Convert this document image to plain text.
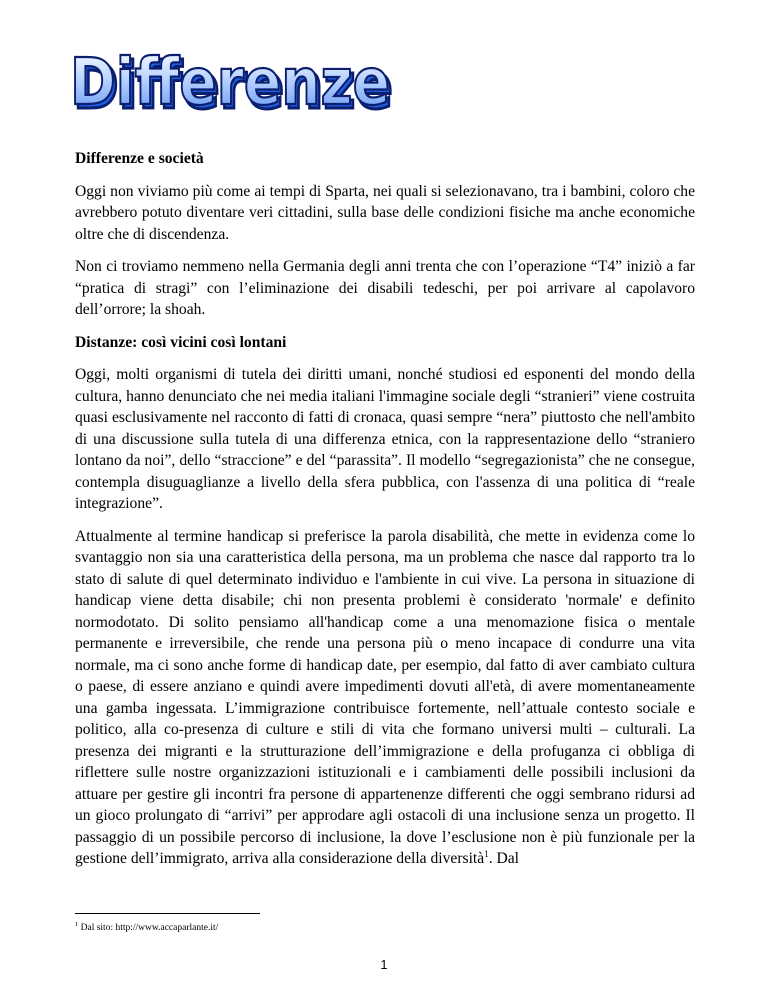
Differenze
Differenze
Differenze e società

Oggi non viviamo più come ai tempi di Sparta, nei quali si selezionavano, tra i bambini, coloro che avrebbero potuto diventare veri cittadini, sulla base delle condizioni fisiche ma anche economiche oltre che di discendenza.

Non ci troviamo nemmeno nella Germania degli anni trenta che con l’operazione “T4” iniziò a far “pratica di stragi” con l’eliminazione dei disabili tedeschi, per poi arrivare al capolavoro dell’orrore; la shoah.

Distanze: così vicini così lontani

Oggi, molti organismi di tutela dei diritti umani, nonché studiosi ed esponenti del mondo della cultura, hanno denunciato che nei media italiani l'immagine sociale degli “stranieri” viene costruita quasi esclusivamente nel racconto di fatti di cronaca, quasi sempre “nera” piuttosto che nell'ambito di una discussione sulla tutela di una differenza etnica, con la rappresentazione dello “straniero lontano da noi”, dello “straccione” e del “parassita”. Il modello “segregazionista” che ne consegue, contempla disuguaglianze a livello della sfera pubblica, con l'assenza di una politica di “reale integrazione”.

Attualmente al termine handicap si preferisce la parola disabilità, che mette in evidenza come lo svantaggio non sia una caratteristica della persona, ma un problema che nasce dal rapporto tra lo stato di salute di quel determinato individuo e l'ambiente in cui vive. La persona in situazione di handicap viene detta disabile; chi non presenta problemi è considerato 'normale' e definito normodotato. Di solito pensiamo all'handicap come a una menomazione fisica o mentale permanente e irreversibile, che rende una persona più o meno incapace di condurre una vita normale, ma ci sono anche forme di handicap date, per esempio, dal fatto di aver cambiato cultura o paese, di essere anziano e quindi avere impedimenti dovuti all'età, di avere momentaneamente una gamba ingessata. L’immigrazione contribuisce fortemente, nell’attuale contesto sociale e politico, alla co-presenza di culture e stili di vita che formano universi multi – culturali. La presenza dei migranti e la strutturazione dell’immigrazione e della profuganza ci obbliga di riflettere sulle nostre organizzazioni istituzionali e i cambiamenti delle possibili inclusioni da attuare per gestire gli incontri fra persone di appartenenze differenti che oggi sembrano ridursi ad un gioco prolungato di “arrivi” per approdare agli ostacoli di una inclusione senza un progetto. Il passaggio di un possibile percorso di inclusione, la dove l’esclusione non è più funzionale per la gestione dell’immigrato, arriva alla considerazione della diversità$^1$. Dal

$^1$ Dal sito: http://www.accaparlante.it/
1
